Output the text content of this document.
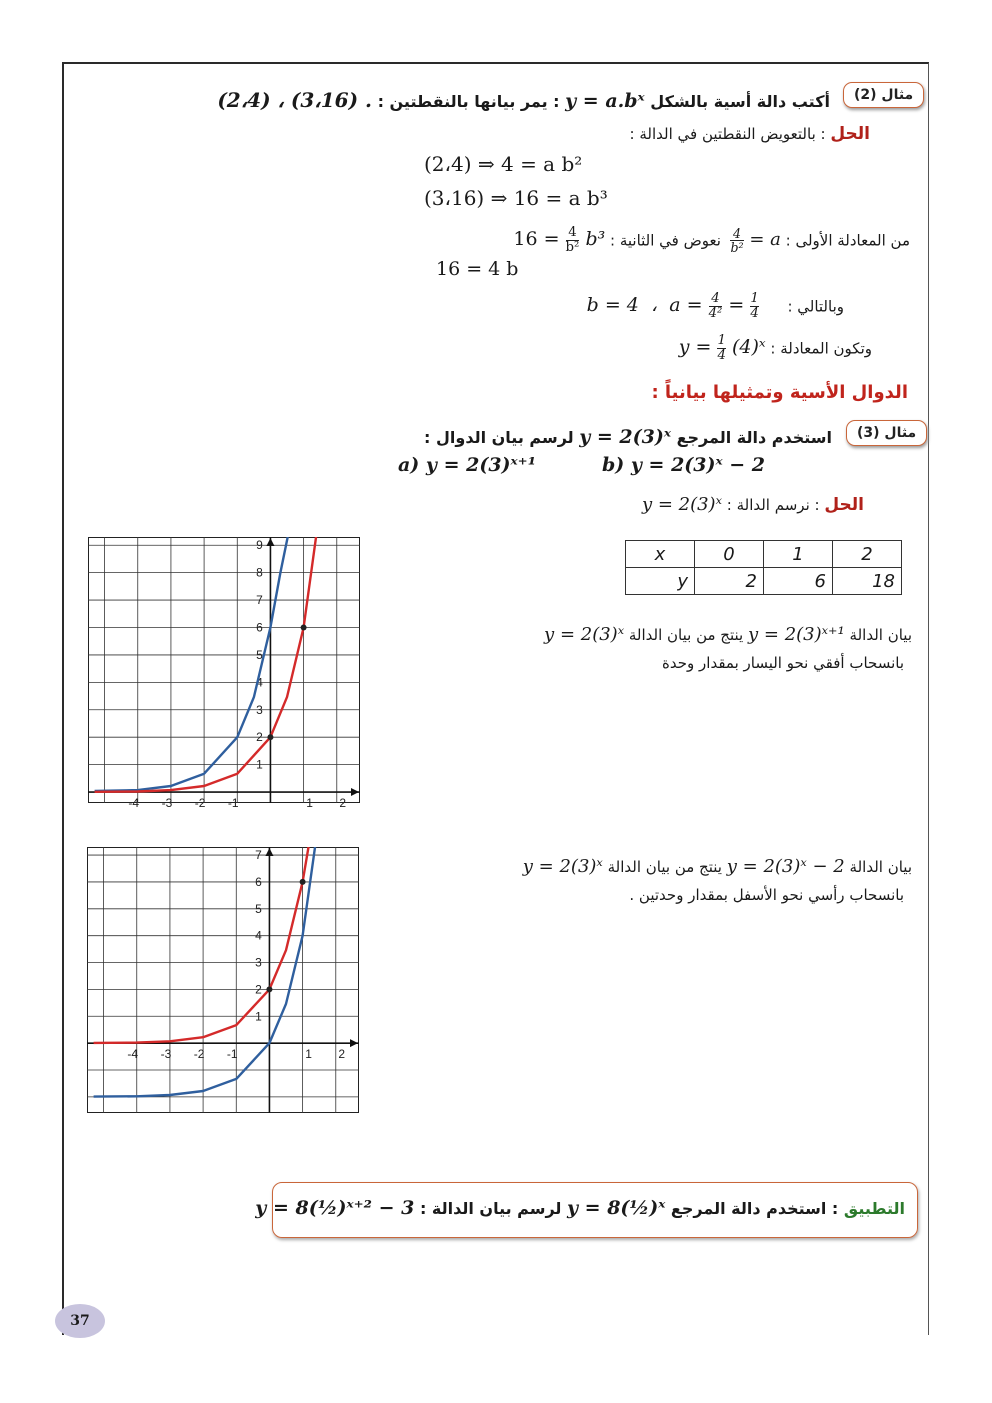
مثال (2)
أكتب دالة أسية بالشكل y = a.bˣ : يمر بيانها بالنقطتين : (2،4) ، (3،16) .
الحل : بالتعويض النقطتين في الدالة :
(2،4) ⇒ 4 = a b²
(3،16) ⇒ 16 = a b³
من المعادلة الأولى :
$\frac{4}{\text{b²}} = a$  نعوض في الثانية : $16 = \frac{4}{\text{b²}} b^3$
16 = 4 b
وبالتالي :      b = 4 ، $a = \frac{4}{\text{4²}} = \frac{1}{4}$
وتكون المعادلة : $y = \frac{1}{4}$ (4)ˣ
الدوال الأسية وتمثيلها بيانياً :
مثال (3)
استخدم دالة المرجع y = 2(3)ˣ لرسم بيان الدوال :
a) y = 2(3)ˣ⁺¹	b) y = 2(3)ˣ − 2
الحل : نرسم الدالة : y = 2(3)ˣ
x	0	1	2
y	2	6	18
بيان الدالة y = 2(3)ˣ⁺¹ ينتج من بيان الدالة y = 2(3)ˣ
بانسحاب أفقي نحو اليسار بمقدار وحدة
بيان الدالة y = 2(3)ˣ − 2 ينتج من بيان الدالة y = 2(3)ˣ
بانسحاب رأسي نحو الأسفل بمقدار وحدتين .
-4 -3 -2 -1	1 2
1
2
3
4
5
6
7
8
9
-4 -3 -2 -1	1 2
1
2
3
4
5
6
7
التطبيق : استخدم دالة المرجع y = 8(½)ˣ لرسم بيان الدالة : y = 8(½)ˣ⁺² − 3
37
